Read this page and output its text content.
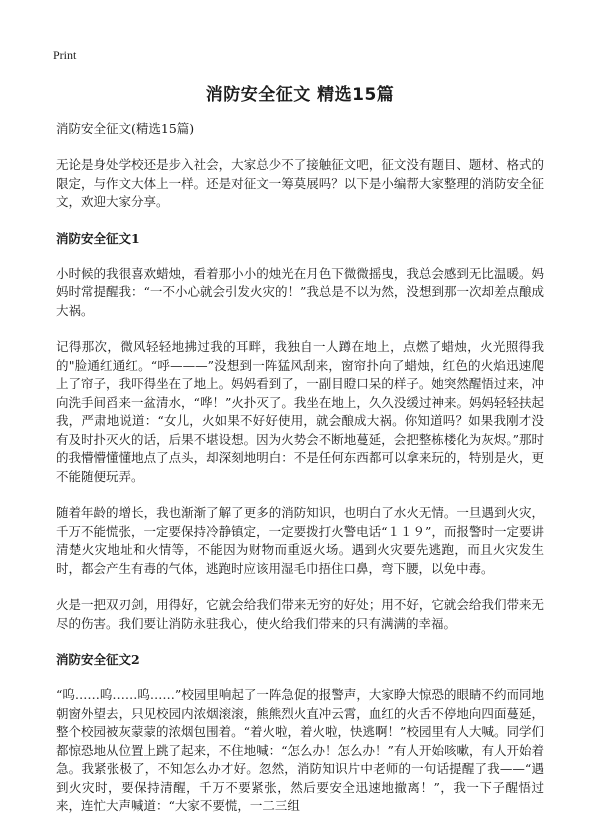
Print
消防安全征文 精选15篇

消防安全征文(精选15篇)

无论是身处学校还是步入社会，大家总少不了接触征文吧，征文没有题目、题材、格式的限定，与作文大体上一样。还是对征文一筹莫展吗？以下是小编帮大家整理的消防安全征文，欢迎大家分享。

消防安全征文1

小时候的我很喜欢蜡烛，看着那小小的烛光在月色下微微摇曳，我总会感到无比温暖。妈妈时常提醒我：“一不小心就会引发火灾的！”我总是不以为然，没想到那一次却差点酿成大祸。

记得那次，微风轻轻地拂过我的耳畔，我独自一人蹲在地上，点燃了蜡烛，火光照得我的"脸通红通红。“呼———”没想到一阵猛风刮来，窗帘扑向了蜡烛，红色的火焰迅速爬上了帘子，我吓得坐在了地上。妈妈看到了，一副目瞪口呆的样子。她突然醒悟过来，冲向洗手间舀来一盆清水，“哗！”火扑灭了。我坐在地上，久久没缓过神来。妈妈轻轻扶起我，严肃地说道：“女儿，火如果不好好使用，就会酿成大祸。你知道吗？如果我刚才没有及时扑灭火的话，后果不堪设想。因为火势会不断地蔓延，会把整栋楼化为灰烬。”那时的我懵懵懂懂地点了点头，却深刻地明白：不是任何东西都可以拿来玩的，特别是火，更不能随便玩弄。

随着年龄的增长，我也渐渐了解了更多的消防知识，也明白了水火无情。一旦遇到火灾，千万不能慌张，一定要保持冷静镇定，一定要拨打火警电话“１１９”，而报警时一定要讲清楚火灾地址和火情等，不能因为财物而重返火场。遇到火灾要先逃跑，而且火灾发生时，都会产生有毒的气体，逃跑时应该用湿毛巾捂住口鼻，弯下腰，以免中毒。

火是一把双刃剑，用得好，它就会给我们带来无穷的好处；用不好，它就会给我们带来无尽的伤害。我们要让消防永驻我心，使火给我们带来的只有满满的幸福。

消防安全征文2

“呜……呜……呜……”校园里响起了一阵急促的报警声，大家睁大惊恐的眼睛不约而同地朝窗外望去，只见校园内浓烟滚滚，熊熊烈火直冲云霄，血红的火舌不停地向四面蔓延，整个校园被灰蒙蒙的浓烟包围着。“着火啦，着火啦，快逃啊！”校园里有人大喊。同学们都惊恐地从位置上跳了起来，不住地喊：“怎么办！怎么办！”有人开始咳嗽，有人开始着急。我紧张极了，不知怎么办才好。忽然，消防知识片中老师的一句话提醒了我——“遇到火灾时，要保持清醒，千万不要紧张，然后要安全迅速地撤离！”，我一下子醒悟过来，连忙大声喊道：“大家不要慌，一二三组
